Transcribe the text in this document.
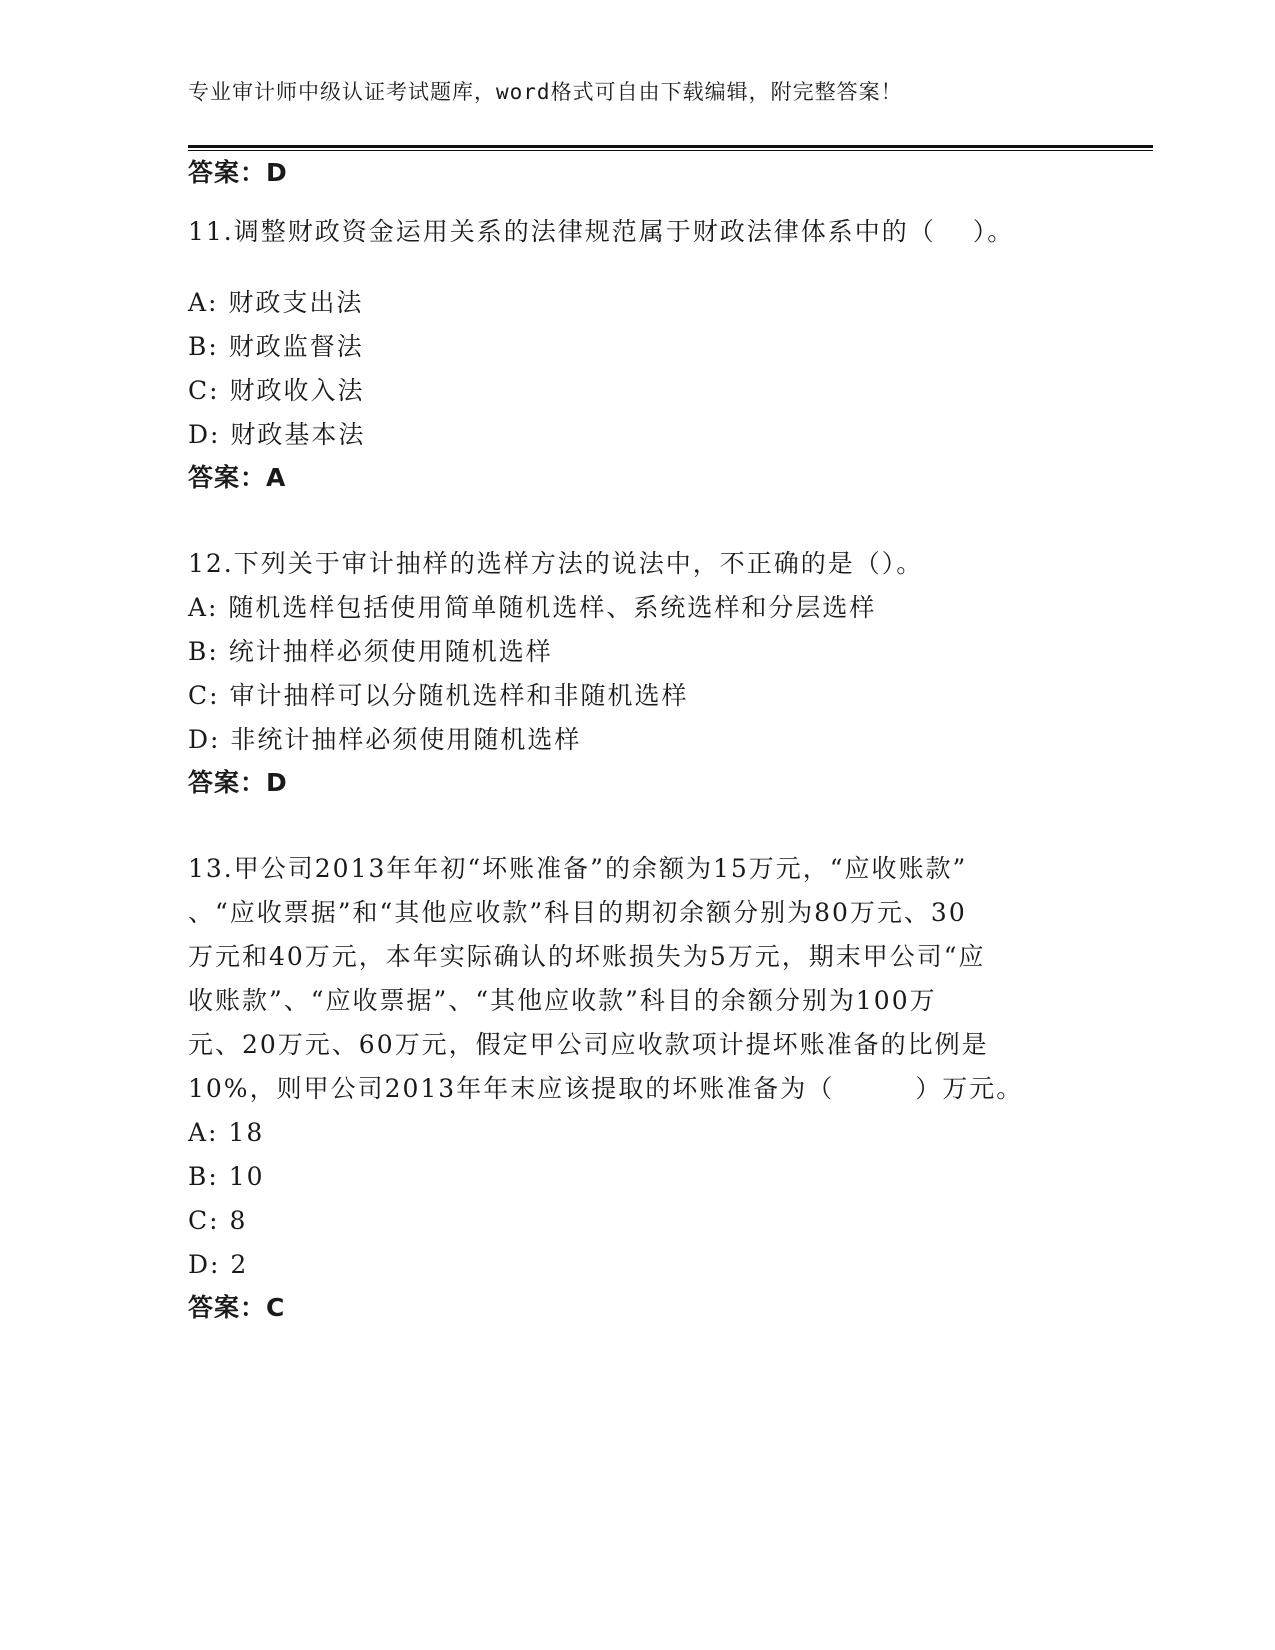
专业审计师中级认证考试题库，word格式可自由下载编辑，附完整答案！
答案：D
11.调整财政资金运用关系的法律规范属于财政法律体系中的（　 ）。
A: 财政支出法
B: 财政监督法
C: 财政收入法
D: 财政基本法
答案：A
12.下列关于审计抽样的选样方法的说法中，不正确的是（）。
A: 随机选样包括使用简单随机选样、系统选样和分层选样
B: 统计抽样必须使用随机选样
C: 审计抽样可以分随机选样和非随机选样
D: 非统计抽样必须使用随机选样
答案：D
13.甲公司2013年年初“坏账准备”的余额为15万元，“应收账款”
、“应收票据”和“其他应收款”科目的期初余额分别为80万元、30
万元和40万元，本年实际确认的坏账损失为5万元，期末甲公司“应
收账款”、“应收票据”、“其他应收款”科目的余额分别为100万
元、20万元、60万元，假定甲公司应收款项计提坏账准备的比例是
10%，则甲公司2013年年末应该提取的坏账准备为（　　　）万元。
A: 18
B: 10
C: 8
D: 2
答案：C
